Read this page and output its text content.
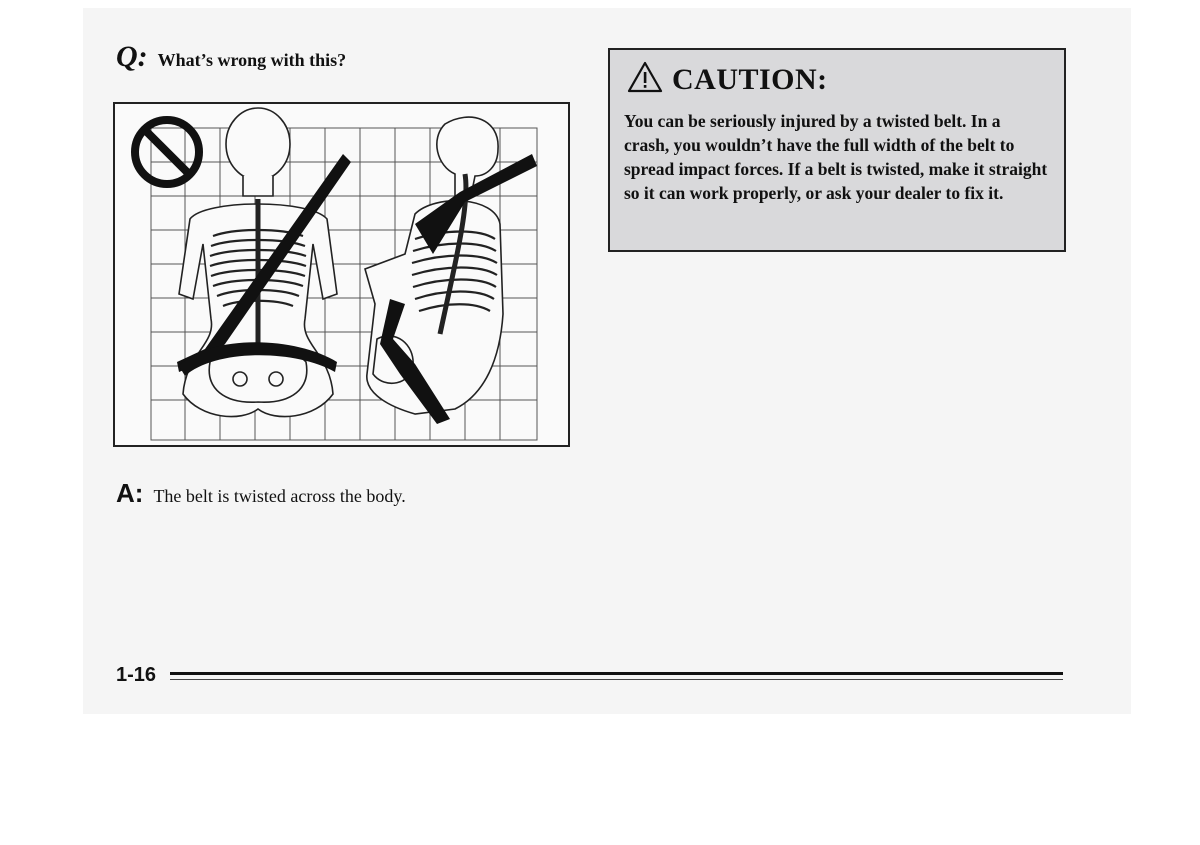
Q: What’s wrong with this?
A: The belt is twisted across the body.
CAUTION:
You can be seriously injured by a twisted belt. In a crash, you wouldn’t have the full width of the belt to spread impact forces. If a belt is twisted, make it straight so it can work properly, or ask your dealer to fix it.
1-16
